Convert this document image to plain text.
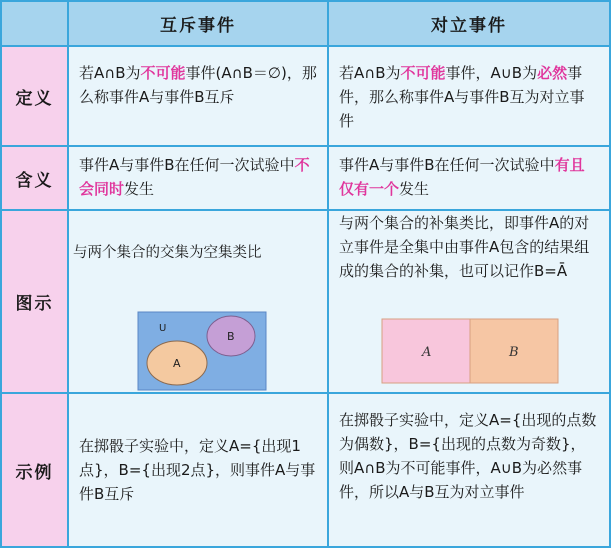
互斥事件	对立事件
定义
若A∩B为不可能事件(A∩B＝∅)，那么称事件A与事件B互斥
若A∩B为不可能事件，A∪B为必然事件，那么称事件A与事件B互为对立事件
含义
事件A与事件B在任何一次试验中不会同时发生
事件A与事件B在任何一次试验中有且仅有一个发生
图示
与两个集合的交集为空集类比
U
A
B
与两个集合的补集类比，即事件A的对立事件是全集中由事件A包含的结果组成的集合的补集，也可以记作B=Ā
A	B
示例
在掷骰子实验中，定义A={出现1点}，B={出现2点}，则事件A与事件B互斥
在掷骰子实验中，定义A={出现的点数为偶数}，B={出现的点数为奇数}，则A∩B为不可能事件，A∪B为必然事件，所以A与B互为对立事件
